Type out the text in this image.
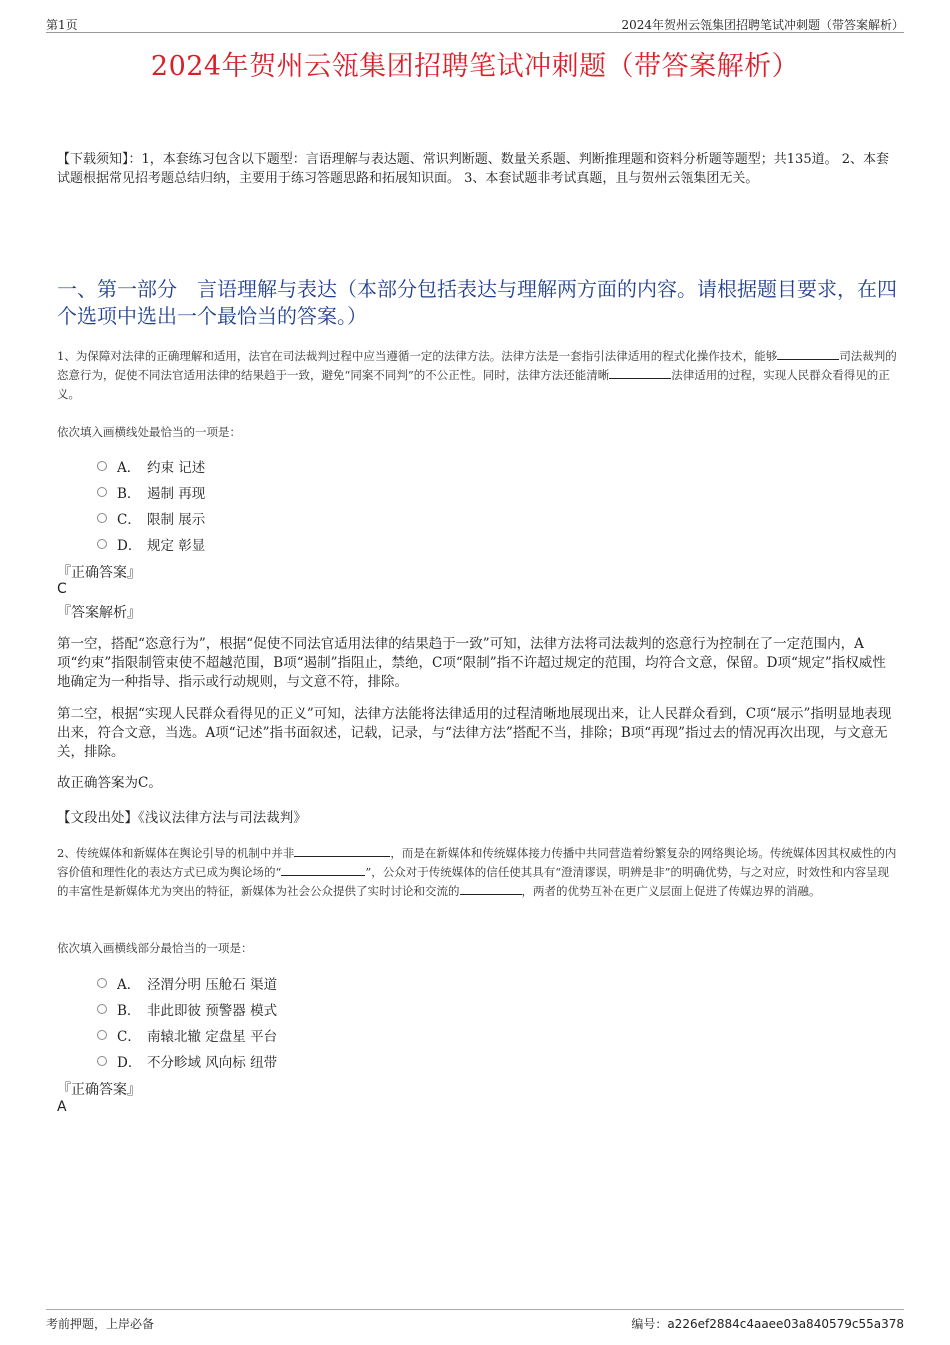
第1页	2024年贺州云瓴集团招聘笔试冲刺题（带答案解析）
2024年贺州云瓴集团招聘笔试冲刺题（带答案解析）
【下载须知】：1，本套练习包含以下题型：言语理解与表达题、常识判断题、数量关系题、判断推理题和资料分析题等题型；共135道。 2、本套试题根据常见招考题总结归纳，主要用于练习答题思路和拓展知识面。 3、本套试题非考试真题，且与贺州云瓴集团无关。
一、第一部分　言语理解与表达（本部分包括表达与理解两方面的内容。请根据题目要求，在四个选项中选出一个最恰当的答案。）
1、为保障对法律的正确理解和适用，法官在司法裁判过程中应当遵循一定的法律方法。法律方法是一套指引法律适用的程式化操作技术，能够	司法裁判的恣意行为，促使不同法官适用法律的结果趋于一致，避免“同案不同判”的不公正性。同时，法律方法还能清晰	法律适用的过程，实现人民群众看得见的正义。
依次填入画横线处最恰当的一项是：
A． 约束 记述
B． 遏制 再现
C． 限制 展示
D． 规定 彰显
『正确答案』
C
『答案解析』
第一空，搭配“恣意行为”，根据“促使不同法官适用法律的结果趋于一致”可知，法律方法将司法裁判的恣意行为控制在了一定范围内，A项“约束”指限制管束使不超越范围，B项“遏制”指阻止，禁绝，C项“限制”指不许超过规定的范围，均符合文意，保留。D项“规定”指权威性地确定为一种指导、指示或行动规则，与文意不符，排除。
第二空，根据“实现人民群众看得见的正义”可知，法律方法能将法律适用的过程清晰地展现出来，让人民群众看到，C项“展示”指明显地表现出来，符合文意，当选。A项“记述”指书面叙述，记载，记录，与“法律方法”搭配不当，排除；B项“再现”指过去的情况再次出现，与文意无关，排除。
故正确答案为C。
【文段出处】《浅议法律方法与司法裁判》
2、传统媒体和新媒体在舆论引导的机制中并非	，而是在新媒体和传统媒体接力传播中共同营造着纷繁复杂的网络舆论场。传统媒体因其权威性的内容价值和理性化的表达方式已成为舆论场的“	”，公众对于传统媒体的信任使其具有“澄清谬误，明辨是非”的明确优势，与之对应，时效性和内容呈现的丰富性是新媒体尤为突出的特征，新媒体为社会公众提供了实时讨论和交流的	，两者的优势互补在更广义层面上促进了传媒边界的消融。
依次填入画横线部分最恰当的一项是：
A． 泾渭分明 压舱石 渠道
B． 非此即彼 预警器 模式
C． 南辕北辙 定盘星 平台
D． 不分畛域 风向标 纽带
『正确答案』
A
考前押题，上岸必备	编号：a226ef2884c4aaee03a840579c55a378
